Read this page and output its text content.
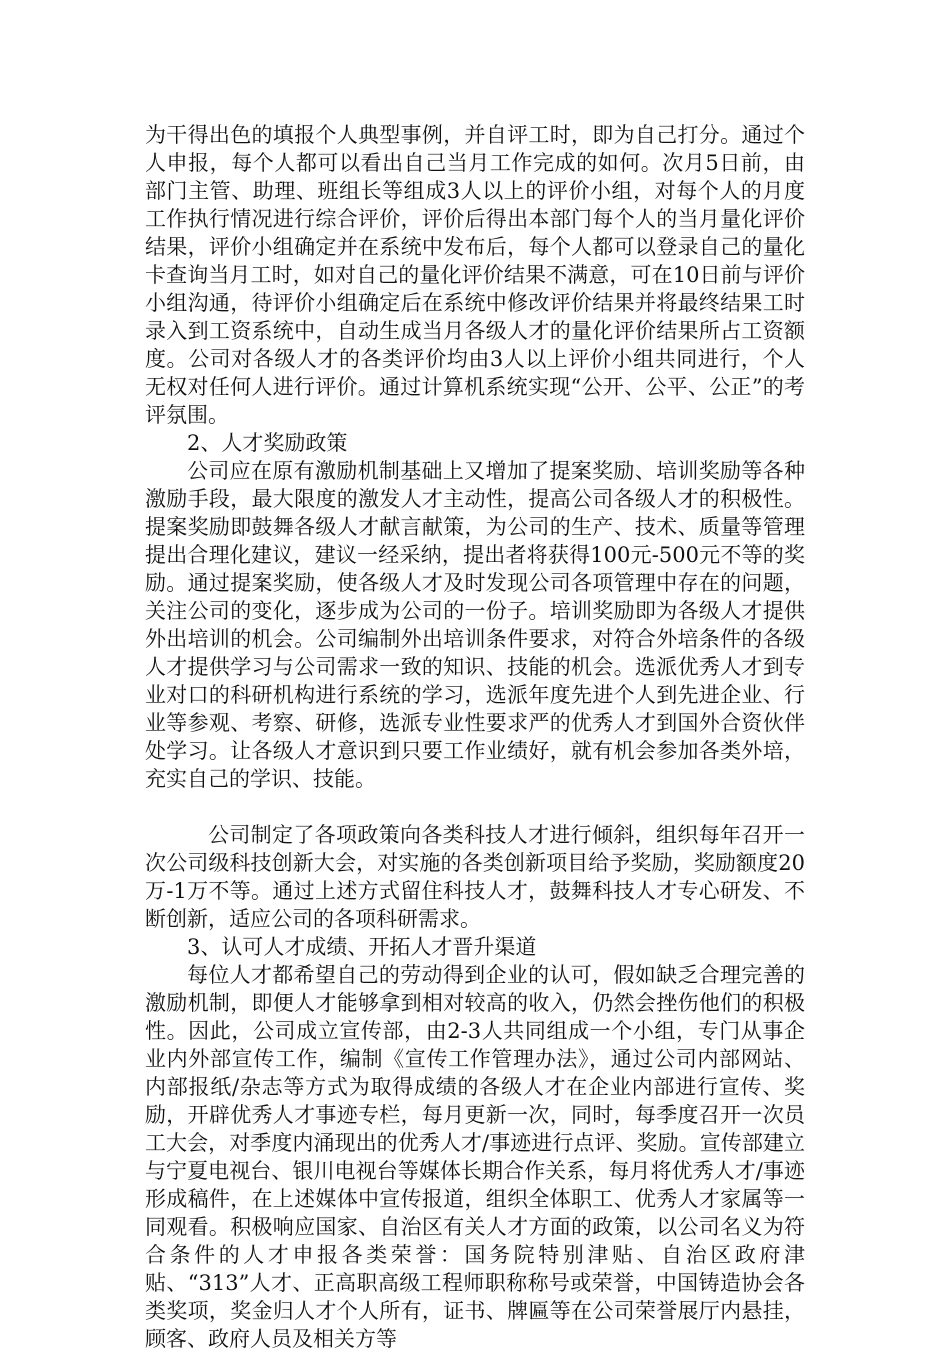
为干得出色的填报个人典型事例，并自评工时，即为自己打分。通过个人申报，每个人都可以看出自己当月工作完成的如何。次月5日前，由部门主管、助理、班组长等组成3人以上的评价小组，对每个人的月度工作执行情况进行综合评价，评价后得出本部门每个人的当月量化评价结果，评价小组确定并在系统中发布后，每个人都可以登录自己的量化卡查询当月工时，如对自己的量化评价结果不满意，可在10日前与评价小组沟通，待评价小组确定后在系统中修改评价结果并将最终结果工时录入到工资系统中，自动生成当月各级人才的量化评价结果所占工资额度。公司对各级人才的各类评价均由3人以上评价小组共同进行，个人无权对任何人进行评价。通过计算机系统实现“公开、公平、公正”的考评氛围。

2、人才奖励政策

公司应在原有激励机制基础上又增加了提案奖励、培训奖励等各种激励手段，最大限度的激发人才主动性，提高公司各级人才的积极性。提案奖励即鼓舞各级人才献言献策，为公司的生产、技术、质量等管理提出合理化建议，建议一经采纳，提出者将获得100元-500元不等的奖励。通过提案奖励，使各级人才及时发现公司各项管理中存在的问题，关注公司的变化，逐步成为公司的一份子。培训奖励即为各级人才提供外出培训的机会。公司编制外出培训条件要求，对符合外培条件的各级人才提供学习与公司需求一致的知识、技能的机会。选派优秀人才到专业对口的科研机构进行系统的学习，选派年度先进个人到先进企业、行业等参观、考察、研修，选派专业性要求严的优秀人才到国外合资伙伴处学习。让各级人才意识到只要工作业绩好，就有机会参加各类外培，充实自己的学识、技能。

公司制定了各项政策向各类科技人才进行倾斜，组织每年召开一次公司级科技创新大会，对实施的各类创新项目给予奖励，奖励额度20万-1万不等。通过上述方式留住科技人才，鼓舞科技人才专心研发、不断创新，适应公司的各项科研需求。

3、认可人才成绩、开拓人才晋升渠道

每位人才都希望自己的劳动得到企业的认可，假如缺乏合理完善的激励机制，即便人才能够拿到相对较高的收入，仍然会挫伤他们的积极性。因此，公司成立宣传部，由2-3人共同组成一个小组，专门从事企业内外部宣传工作，编制《宣传工作管理办法》，通过公司内部网站、内部报纸/杂志等方式为取得成绩的各级人才在企业内部进行宣传、奖励，开辟优秀人才事迹专栏，每月更新一次，同时，每季度召开一次员工大会，对季度内涌现出的优秀人才/事迹进行点评、奖励。宣传部建立与宁夏电视台、银川电视台等媒体长期合作关系，每月将优秀人才/事迹形成稿件，在上述媒体中宣传报道，组织全体职工、优秀人才家属等一同观看。积极响应国家、自治区有关人才方面的政策，以公司名义为符合条件的人才申报各类荣誉：国务院特别津贴、自治区政府津贴、“313”人才、正高职高级工程师职称称号或荣誉，中国铸造协会各类奖项，奖金归人才个人所有，证书、牌匾等在公司荣誉展厅内悬挂，顾客、政府人员及相关方等
